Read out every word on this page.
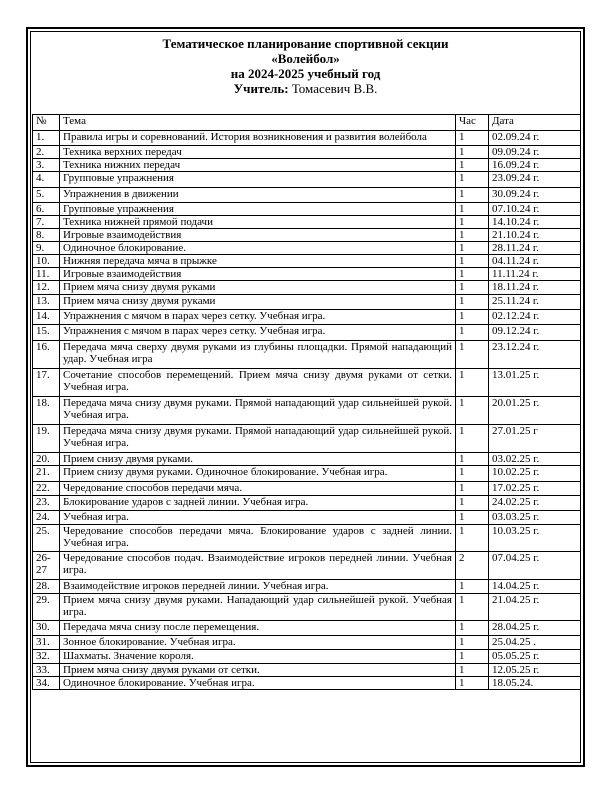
Тематическое планирование спортивной секции
«Волейбол»
на 2024-2025 учебный год
Учитель: Томасевич В.В.
№	Тема	Час	Дата
1.	Правила игры и соревнований. История возникновения и развития волейбола	1	02.09.24 г.
2.	Техника верхних передач	1	09.09.24 г.
3.	Техника нижних передач	1	16.09.24 г.
4.	Групповые упражнения	1	23.09.24 г.
5.	Упражнения в движении	1	30.09.24 г.
6.	Групповые упражнения	1	07.10.24 г.
7.	Техника нижней прямой подачи	1	14.10.24 г.
8.	Игровые взаимодействия	1	21.10.24 г.
9.	Одиночное блокирование.	1	28.11.24 г.
10.	Нижняя передача мяча в прыжке	1	04.11.24 г.
11.	Игровые взаимодействия	1	11.11.24 г.
12.	Прием мяча снизу двумя руками	1	18.11.24 г.
13.	Прием мяча снизу двумя руками	1	25.11.24 г.
14.	Упражнения с мячом в парах через сетку. Учебная игра.	1	02.12.24 г.
15.	Упражнения с мячом в парах через сетку. Учебная игра.	1	09.12.24 г.
16.	Передача мяча сверху двумя руками из глубины площадки. Прямой нападающий удар. Учебная игра	1	23.12.24 г.
17.	Сочетание способов перемещений. Прием мяча снизу двумя руками от сетки. Учебная игра.	1	13.01.25 г.
18.	Передача мяча снизу двумя руками. Прямой нападающий удар сильнейшей рукой. Учебная игра.	1	20.01.25 г.
19.	Передача мяча снизу двумя руками. Прямой нападающий удар сильнейшей рукой. Учебная игра.	1	27.01.25 г
20.	Прием снизу двумя руками.	1	03.02.25 г.
21.	Прием снизу двумя руками. Одиночное блокирование. Учебная игра.	1	10.02.25 г.
22.	Чередование способов передачи мяча.	1	17.02.25 г.
23.	Блокирование ударов с задней линии. Учебная игра.	1	24.02.25 г.
24.	Учебная игра.	1	03.03.25 г.
25.	Чередование способов передачи мяча. Блокирование ударов с задней линии. Учебная игра.	1	10.03.25 г.
26-27	Чередование способов подач. Взаимодействие игроков передней линии. Учебная игра.	2	07.04.25 г.
28.	Взаимодействие игроков передней линии. Учебная игра.	1	14.04.25 г.
29.	Прием мяча снизу двумя руками. Нападающий удар сильнейшей рукой. Учебная игра.	1	21.04.25 г.
30.	Передача мяча снизу после перемещения.	1	28.04.25 г.
31.	Зонное блокирование. Учебная игра.	1	25.04.25 .
32.	Шахматы. Значение короля.	1	05.05.25 г.
33.	Прием мяча снизу двумя руками от сетки.	1	12.05.25 г.
34.	Одиночное блокирование. Учебная игра.	1	18.05.24.
